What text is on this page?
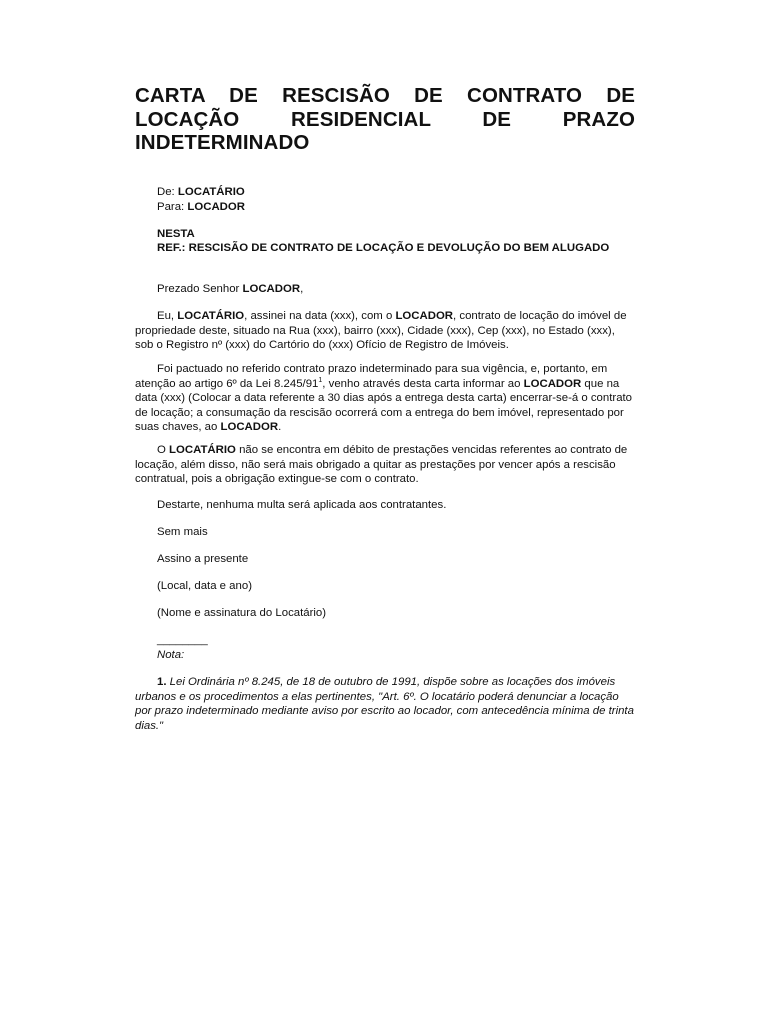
CARTA DE RESCISÃO DE CONTRATO DE LOCAÇÃO RESIDENCIAL DE PRAZO INDETERMINADO
De: LOCATÁRIO
Para: LOCADOR
NESTA
REF.: RESCISÃO DE CONTRATO DE LOCAÇÃO E DEVOLUÇÃO DO BEM ALUGADO
Prezado Senhor LOCADOR,

Eu, LOCATÁRIO, assinei na data (xxx), com o LOCADOR, contrato de locação do imóvel de propriedade deste, situado na Rua (xxx), bairro (xxx), Cidade (xxx), Cep (xxx), no Estado (xxx), sob o Registro nº (xxx) do Cartório do (xxx) Ofício de Registro de Imóveis.

Foi pactuado no referido contrato prazo indeterminado para sua vigência, e, portanto, em atenção ao artigo 6º da Lei $8.245/91^1$, venho através desta carta informar ao LOCADOR que na data (xxx) (Colocar a data referente a 30 dias após a entrega desta carta) encerrar-se-á o contrato de locação; a consumação da rescisão ocorrerá com a entrega do bem imóvel, representado por suas chaves, ao LOCADOR.

O LOCATÁRIO não se encontra em débito de prestações vencidas referentes ao contrato de locação, além disso, não será mais obrigado a quitar as prestações por vencer após a rescisão contratual, pois a obrigação extingue-se com o contrato.

Destarte, nenhuma multa será aplicada aos contratantes.
Sem mais
Assino a presente
(Local, data e ano)
(Nome e assinatura do Locatário)
________
Nota:

1. Lei Ordinária nº 8.245, de 18 de outubro de 1991, dispõe sobre as locações dos imóveis urbanos e os procedimentos a elas pertinentes, "Art. 6º. O locatário poderá denunciar a locação por prazo indeterminado mediante aviso por escrito ao locador, com antecedência mínima de trinta dias."
